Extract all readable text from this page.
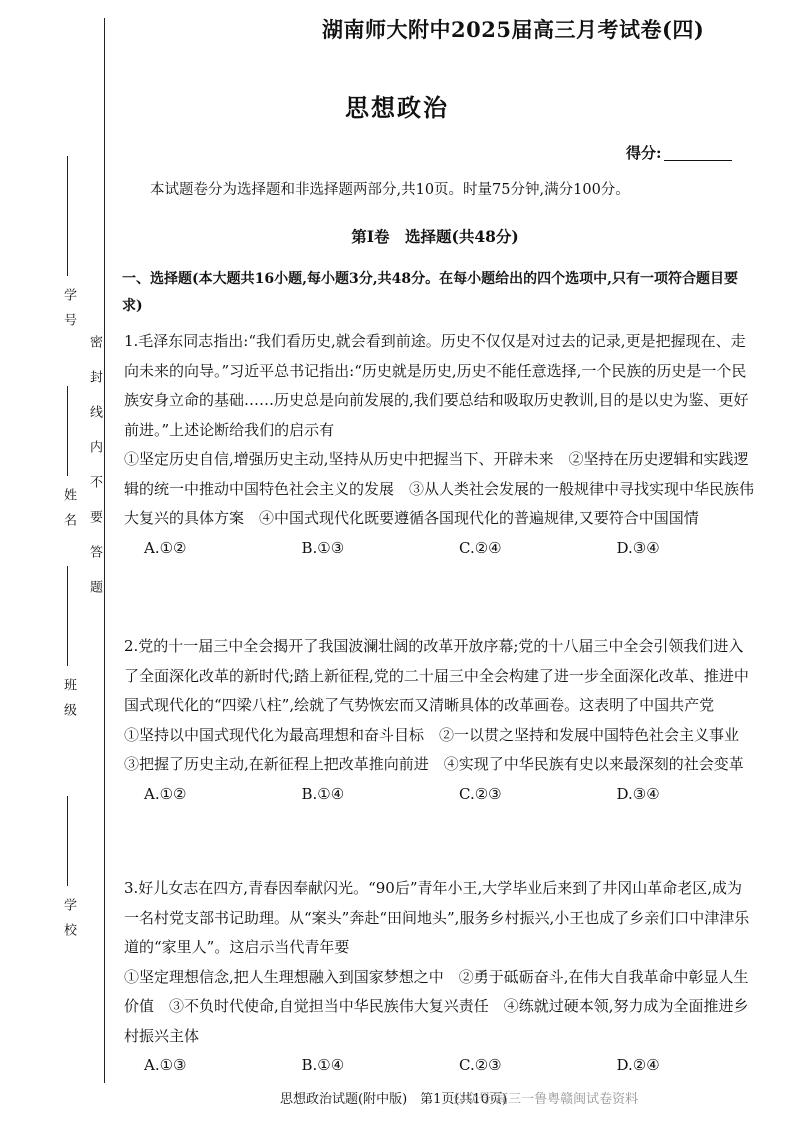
密封线内不要答题
学号
姓名
班级
学校
湖南师大附中2025届高三月考试卷(四)
思想政治
得分:
本试题卷分为选择题和非选择题两部分,共10页。时量75分钟,满分100分。
第Ⅰ卷　选择题(共48分)
一、选择题(本大题共16小题,每小题3分,共48分。在每小题给出的四个选项中,只有一项符合题目要求)

1.毛泽东同志指出:“我们看历史,就会看到前途。历史不仅仅是对过去的记录,更是把握现在、走向未来的向导。”习近平总书记指出:“历史就是历史,历史不能任意选择,一个民族的历史是一个民族安身立命的基础……历史总是向前发展的,我们要总结和吸取历史教训,目的是以史为鉴、更好前进。”上述论断给我们的启示有

①坚定历史自信,增强历史主动,坚持从历史中把握当下、开辟未来　②坚持在历史逻辑和实践逻辑的统一中推动中国特色社会主义的发展　③从人类社会发展的一般规律中寻找实现中华民族伟大复兴的具体方案　④中国式现代化既要遵循各国现代化的普遍规律,又要符合中国国情

A.①②	B.①③	C.②④	D.③④

2.党的十一届三中全会揭开了我国波澜壮阔的改革开放序幕;党的十八届三中全会引领我们进入了全面深化改革的新时代;踏上新征程,党的二十届三中全会构建了进一步全面深化改革、推进中国式现代化的“四梁八柱”,绘就了气势恢宏而又清晰具体的改革画卷。这表明了中国共产党

①坚持以中国式现代化为最高理想和奋斗目标　②一以贯之坚持和发展中国特色社会主义事业　③把握了历史主动,在新征程上把改革推向前进　④实现了中华民族有史以来最深刻的社会变革

A.①②	B.①④	C.②③	D.③④

3.好儿女志在四方,青春因奉献闪光。“90后”青年小王,大学毕业后来到了井冈山革命老区,成为一名村党支部书记助理。从“案头”奔赴“田间地头”,服务乡村振兴,小王也成了乡亲们口中津津乐道的“家里人”。这启示当代青年要

①坚定理想信念,把人生理想融入到国家梦想之中　②勇于砥砺奋斗,在伟大自我革命中彰显人生价值　③不负时代使命,自觉担当中华民族伟大复兴责任　④练就过硬本领,努力成为全面推进乡村振兴主体

A.①③	B.①④	C.②③	D.②④
思想政治试题(附中版)　第1页(共10页)
公众号·高三一鲁粤赣闽试卷资料
